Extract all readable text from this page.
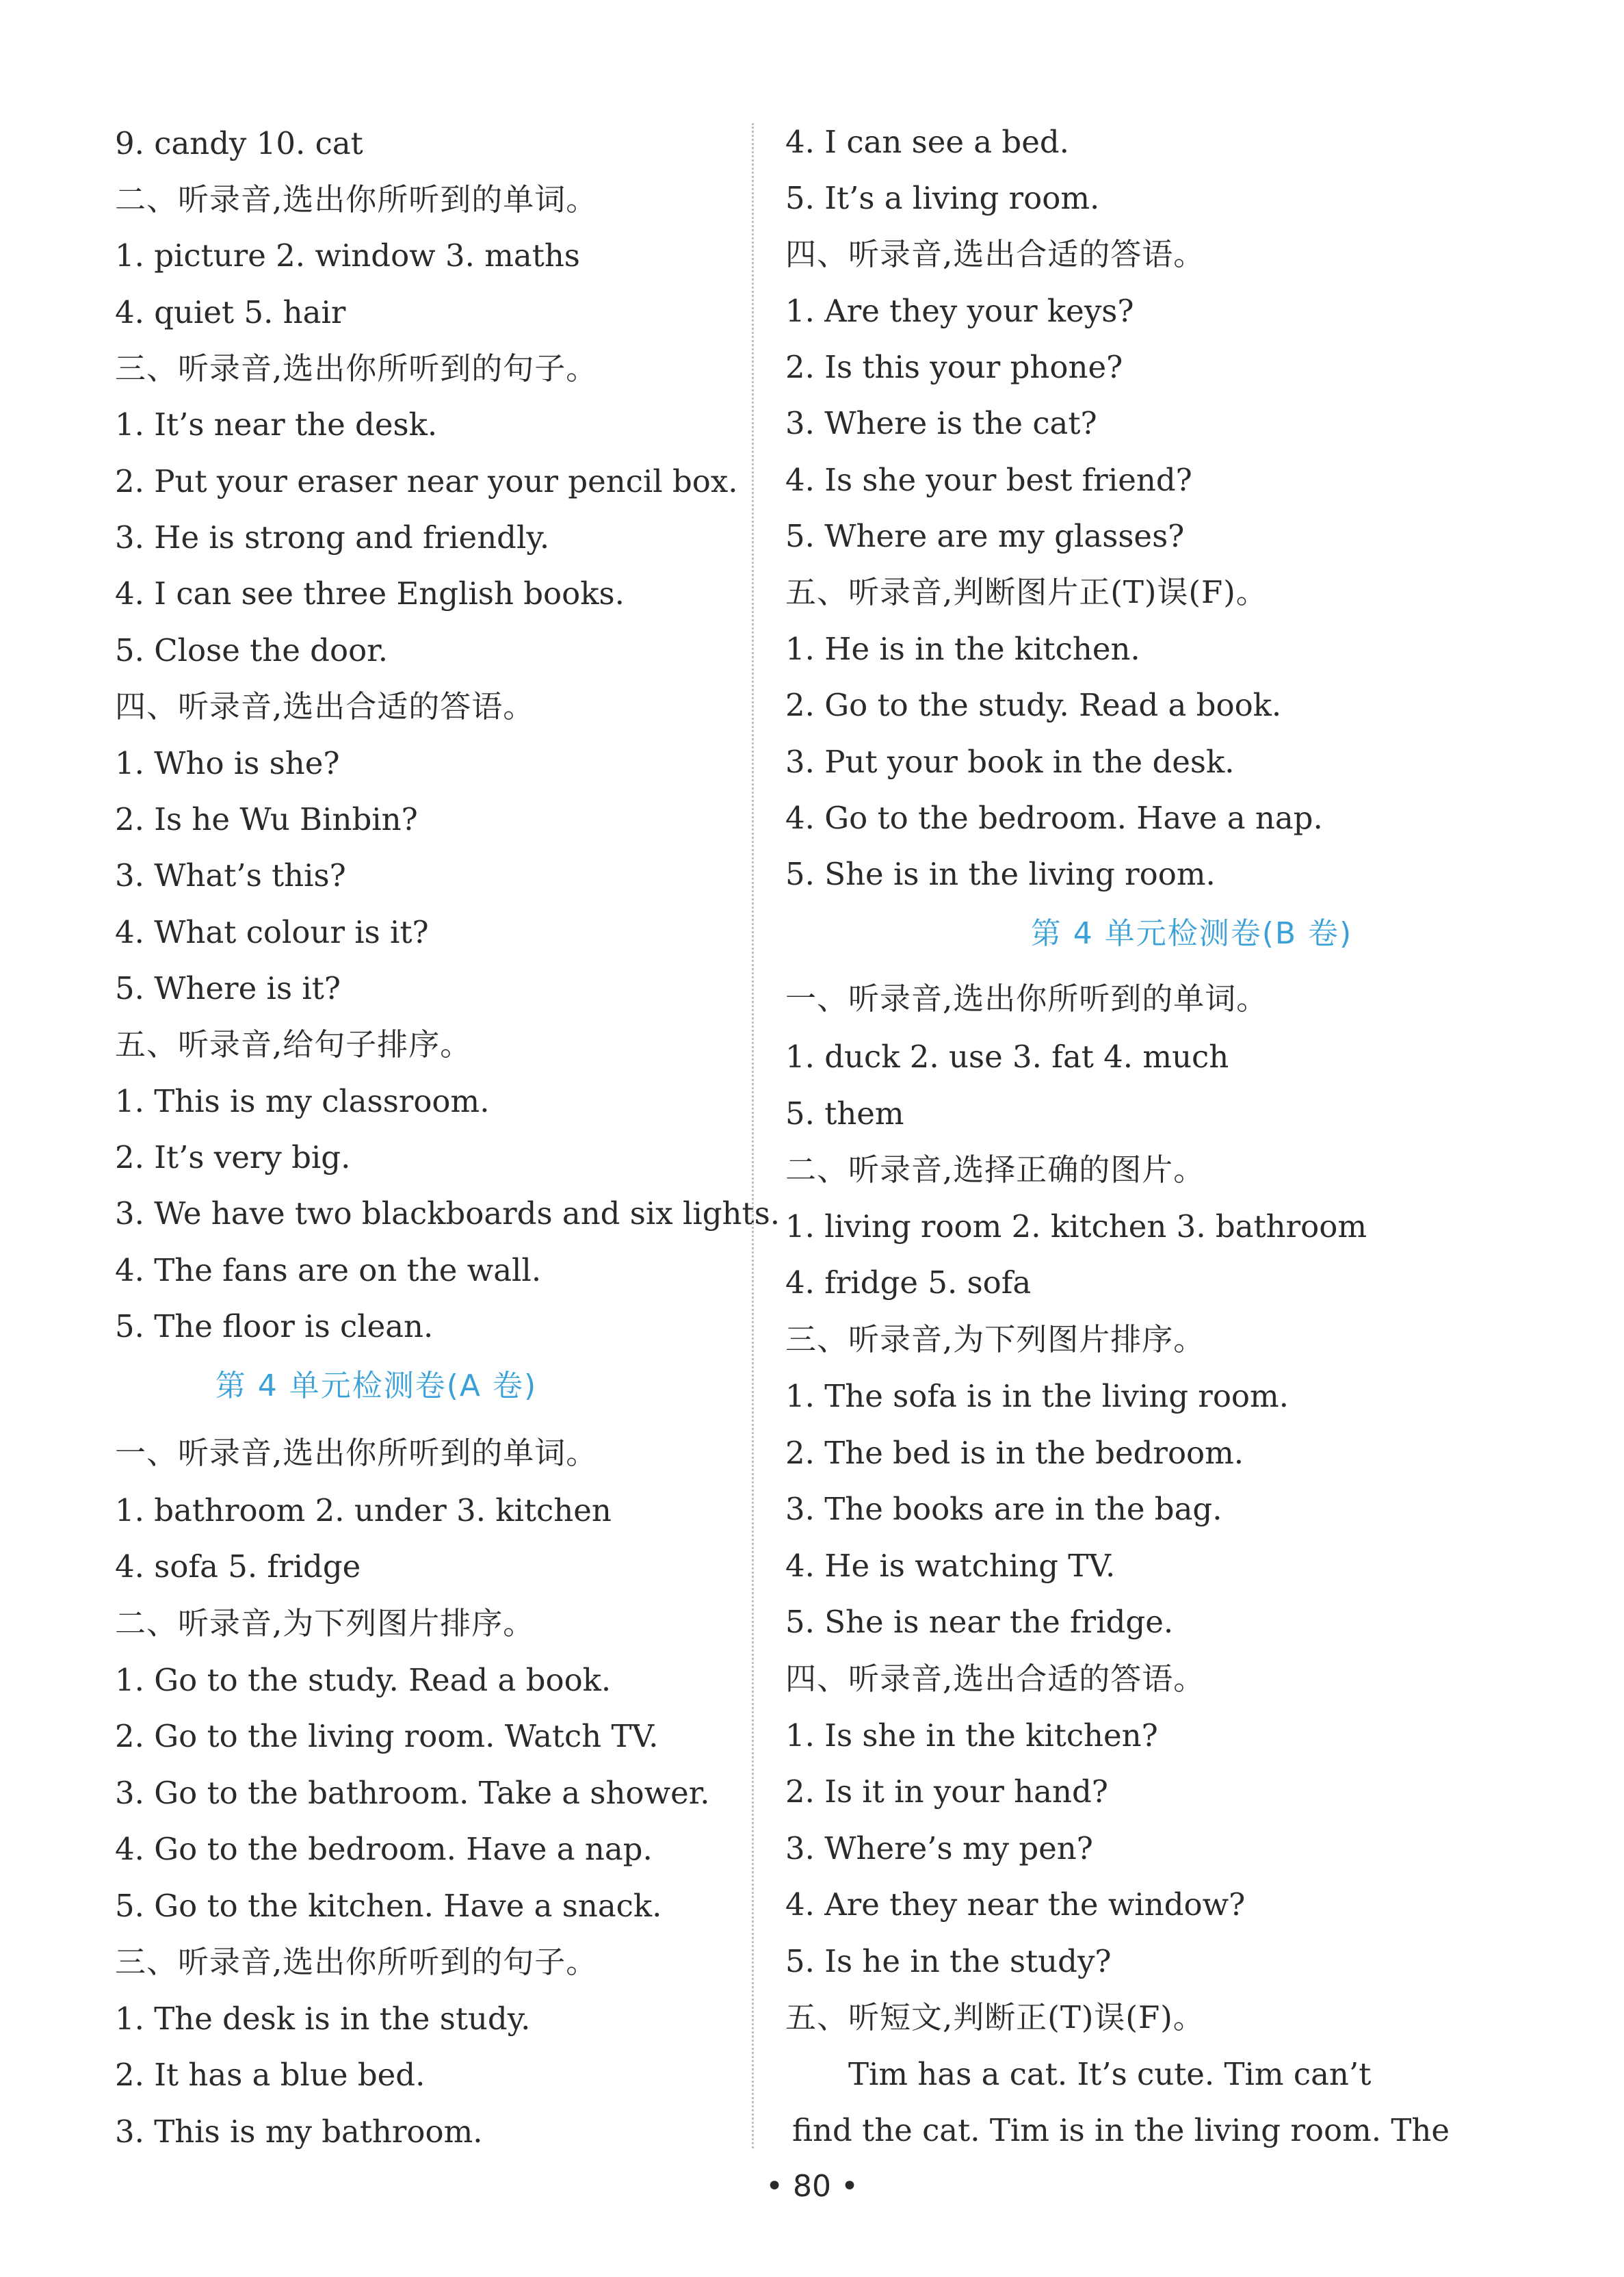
9. candy 10. cat
二、听录音,选出你所听到的单词。
1. picture 2. window 3. maths
4. quiet 5. hair
三、听录音,选出你所听到的句子。
1. It’s near the desk.
2. Put your eraser near your pencil box.
3. He is strong and friendly.
4. I can see three English books.
5. Close the door.
四、听录音,选出合适的答语。
1. Who is she?
2. Is he Wu Binbin?
3. What’s this?
4. What colour is it?
5. Where is it?
五、听录音,给句子排序。
1. This is my classroom.
2. It’s very big.
3. We have two blackboards and six lights.
4. The fans are on the wall.
5. The floor is clean.
第 4 单元检测卷(A 卷)
一、听录音,选出你所听到的单词。
1. bathroom 2. under 3. kitchen
4. sofa 5. fridge
二、听录音,为下列图片排序。
1. Go to the study. Read a book.
2. Go to the living room. Watch TV.
3. Go to the bathroom. Take a shower.
4. Go to the bedroom. Have a nap.
5. Go to the kitchen. Have a snack.
三、听录音,选出你所听到的句子。
1. The desk is in the study.
2. It has a blue bed.
3. This is my bathroom.
4. I can see a bed.
5. It’s a living room.
四、听录音,选出合适的答语。
1. Are they your keys?
2. Is this your phone?
3. Where is the cat?
4. Is she your best friend?
5. Where are my glasses?
五、听录音,判断图片正(T)误(F)。
1. He is in the kitchen.
2. Go to the study. Read a book.
3. Put your book in the desk.
4. Go to the bedroom. Have a nap.
5. She is in the living room.
第 4 单元检测卷(B 卷)
一、听录音,选出你所听到的单词。
1. duck 2. use 3. fat 4. much
5. them
二、听录音,选择正确的图片。
1. living room 2. kitchen 3. bathroom
4. fridge 5. sofa
三、听录音,为下列图片排序。
1. The sofa is in the living room.
2. The bed is in the bedroom.
3. The books are in the bag.
4. He is watching TV.
5. She is near the fridge.
四、听录音,选出合适的答语。
1. Is she in the kitchen?
2. Is it in your hand?
3. Where’s my pen?
4. Are they near the window?
5. Is he in the study?
五、听短文,判断正(T)误(F)。
Tim has a cat. It’s cute. Tim can’t
find the cat. Tim is in the living room. The
• 80 •
